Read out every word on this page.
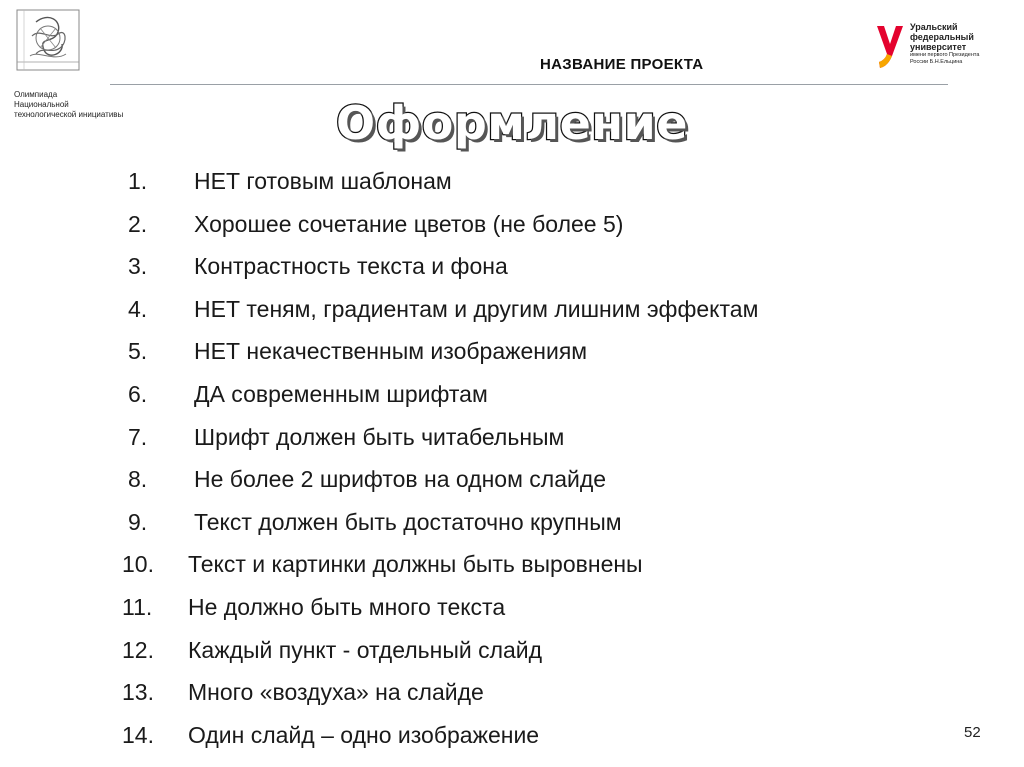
Олимпиада
Национальной
технологической инициативы
НАЗВАНИЕ ПРОЕКТА
Уральский
федеральный
университет
имени первого Президента
России Б.Н.Ельцина
Оформление
1.	НЕТ готовым шаблонам
2.	Хорошее сочетание цветов (не более 5)
3.	Контрастность текста и фона
4.	НЕТ теням, градиентам и другим лишним эффектам
5.	НЕТ некачественным изображениям
6.	ДА современным шрифтам
7.	Шрифт должен быть читабельным
8.	Не более 2 шрифтов на одном слайде
9.	Текст должен быть достаточно крупным
10.	Текст и картинки должны быть выровнены
11.	Не должно быть много текста
12.	Каждый пункт - отдельный слайд
13.	Много «воздуха» на слайде
14.	Один слайд – одно изображение	52
